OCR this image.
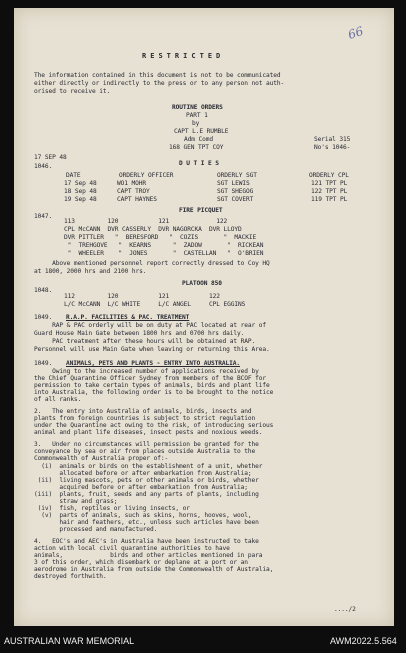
R E S T R I C T E D
66
The information contained in this document is not to be communicated
either directly or indirectly to the press or to any person not auth-
orised to receive it.
ROUTINE ORDERS
PART 1
by
CAPT L.E RUMBLE
Adm Comd
168 GEN TPT COY
Serial 315
No's 1046-
17 SEP 48
1046.	D U T I E S
DATE	ORDERLY OFFICER	ORDERLY SGT	ORDERLY CPL
17 Sep 48	WO1 MOHR	SGT LEWIS	121 TPT PL
18 Sep 48	CAPT TROY	SGT SHEGOG	122 TPT PL
19 Sep 48	CAPT HAYNES	SGT COVERT	119 TPT PL
FIRE PICQUET
1047.
113         120           121             122
CPL McCANN  DVR CASSERLY  DVR NAGORCKA  DVR LLOYD
DVR PITTLER   "  BERESFORD   "  COZIS       "  MACKIE
"  TREHGOVE   "  KEARNS      "  ZADOW       "  RICKEAN
"  WHEELER    "  JONES       "  CASTELLAN   "  O'BRIEN
Above mentioned personnel report correctly dressed to Coy HQ
at 1800, 2000 hrs and 2100 hrs.
PLATOON 850
1048.
112         120           121           122
L/C McCANN  L/C WHITE     L/C ANGEL     CPL EGGINS
1049. R.A.P. FACILITIES & PAC. TREATMENT
RAP & PAC orderly will be on duty at PAC located at rear of
Guard House Main Gate between 1800 hrs and 0700 hrs daily.
PAC treatment after these hours will be obtained at RAP.
Personnel will use Main Gate when leaving or returning this Area.
1049. ANIMALS, PETS AND PLANTS - ENTRY INTO AUSTRALIA.
Owing to the increased number of applications received by
the Chief Quarantine Officer Sydney from members of the BCOF for
permission to take certain types of animals, birds and plant life
into Australia, the following order is to be brought to the notice
of all ranks.
2.   The entry into Australia of animals, birds, insects and
plants from foreign countries is subject to strict regulation
under the Quarantine act owing to the risk, of introducing serious
animal and plant life diseases, insect pests and noxious weeds.
3.   Under no circumstances will permission be granted for the
conveyance by sea or air from places outside Australia to the
Commonwealth of Australia proper of:-
(i)  animals or birds on the establishment of a unit, whether
allocated before or after embarkation from Australia;
(ii)  living mascots, pets or other animals or birds, whether
acquired before or after embarkation from Australia;
(iii)  plants, fruit, seeds and any parts of plants, including
straw and grass;
(iv)  fish, reptiles or living insects, or
(v)  parts of animals, such as skins, horns, hooves, wool,
hair and feathers, etc., unless such articles have been
processed and manufactured.
4.   EOC's and AEC's in Australia have been instructed to take
action with local civil quarantine authorities to have
animals,             birds and other articles mentioned in para
3 of this order, which disembark or deplane at a port or an
aerodrome in Australia from outside the Commonwealth of Australia,
destroyed forthwith.
..../2
AUSTRALIAN WAR MEMORIAL	AWM2022.5.564
